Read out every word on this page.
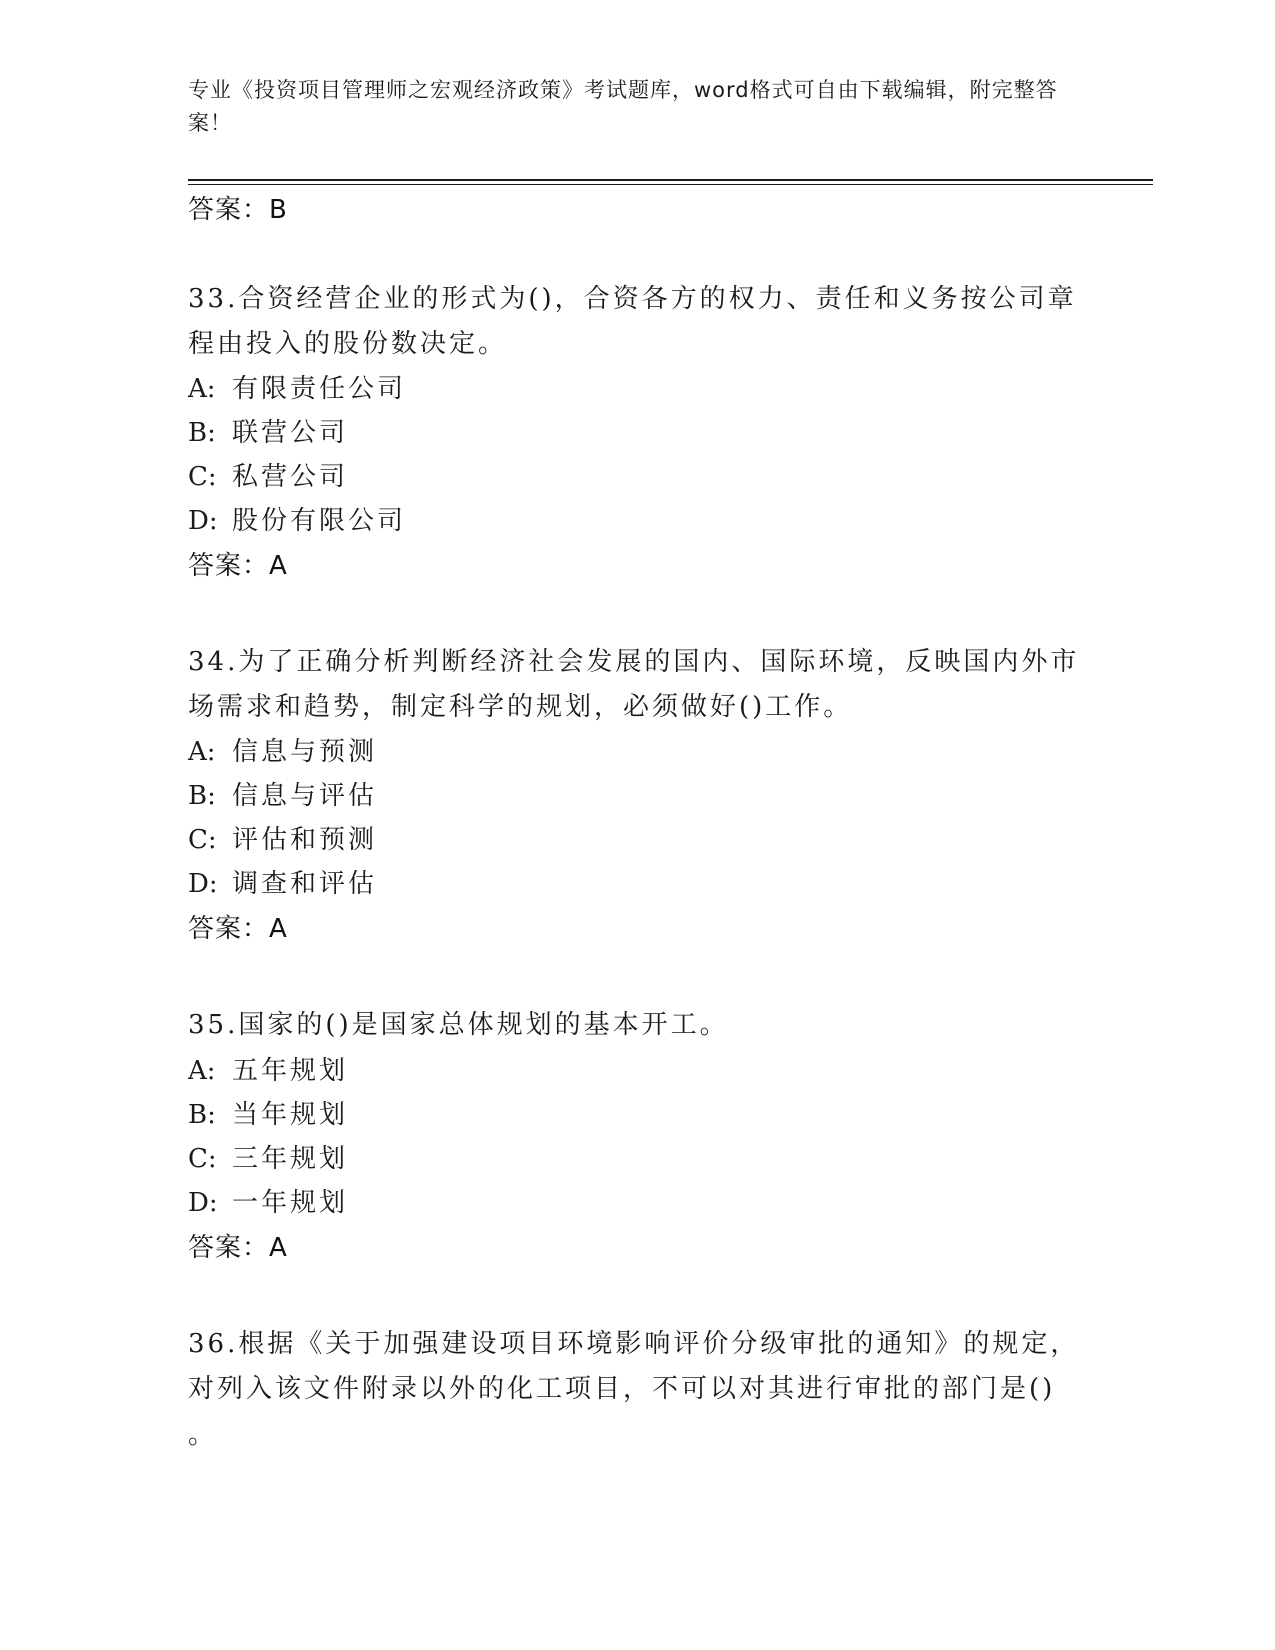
专业《投资项目管理师之宏观经济政策》考试题库，word格式可自由下载编辑，附完整答案！
答案：B
33.合资经营企业的形式为()，合资各方的权力、责任和义务按公司章程由投入的股份数决定。
A: 有限责任公司
B: 联营公司
C: 私营公司
D: 股份有限公司
答案：A
34.为了正确分析判断经济社会发展的国内、国际环境，反映国内外市场需求和趋势，制定科学的规划，必须做好()工作。
A: 信息与预测
B: 信息与评估
C: 评估和预测
D: 调查和评估
答案：A
35.国家的()是国家总体规划的基本开工。
A: 五年规划
B: 当年规划
C: 三年规划
D: 一年规划
答案：A
36.根据《关于加强建设项目环境影响评价分级审批的通知》的规定，对列入该文件附录以外的化工项目，不可以对其进行审批的部门是()
。
